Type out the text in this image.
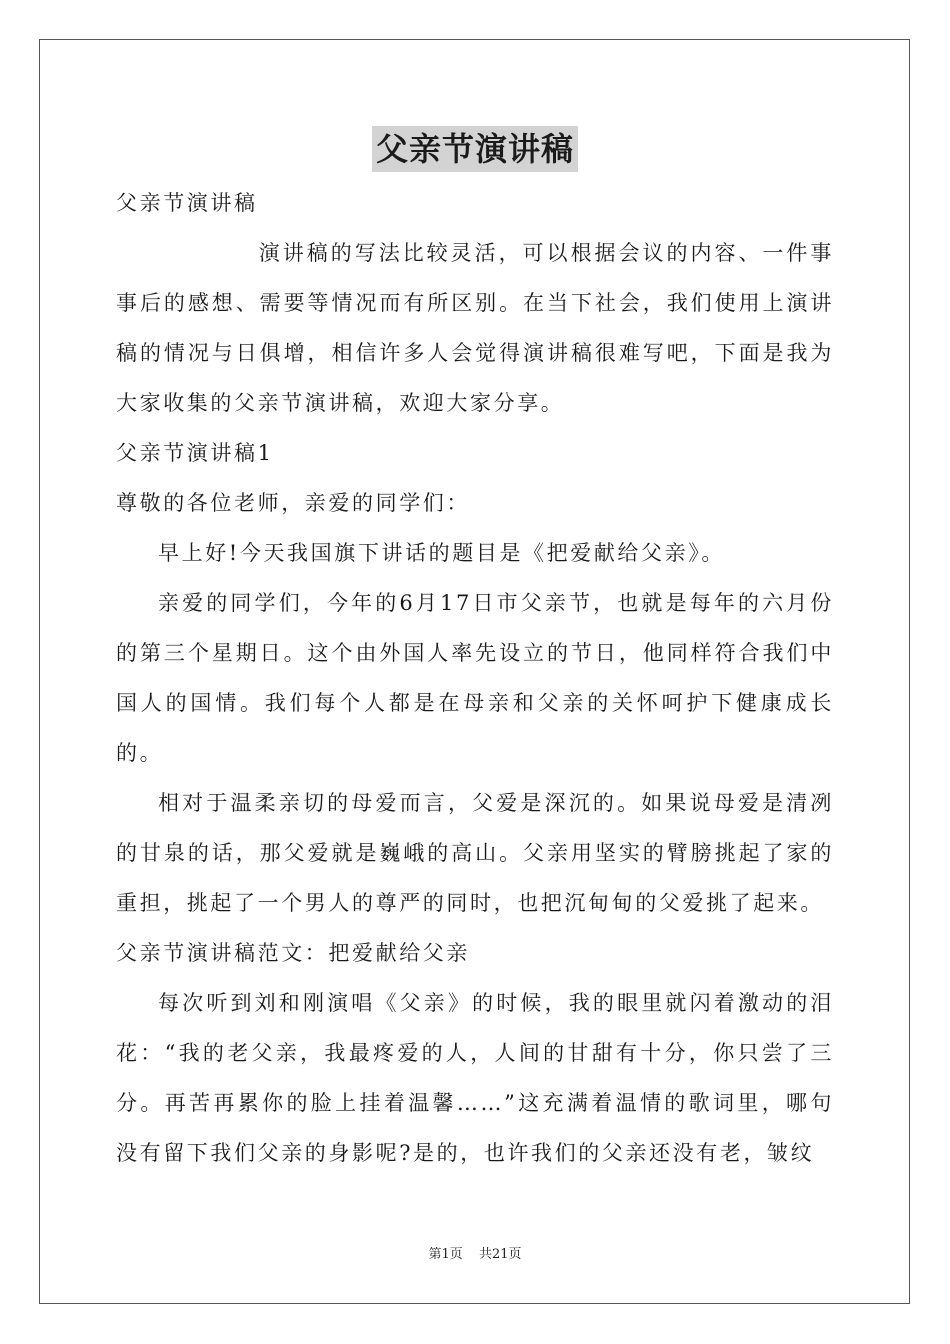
父亲节演讲稿

父亲节演讲稿

演讲稿的写法比较灵活，可以根据会议的内容、一件事事后的感想、需要等情况而有所区别。在当下社会，我们使用上演讲稿的情况与日俱增，相信许多人会觉得演讲稿很难写吧，下面是我为大家收集的父亲节演讲稿，欢迎大家分享。

父亲节演讲稿1

尊敬的各位老师，亲爱的同学们：

早上好!今天我国旗下讲话的题目是《把爱献给父亲》。

亲爱的同学们，今年的6月17日市父亲节，也就是每年的六月份的第三个星期日。这个由外国人率先设立的节日，他同样符合我们中国人的国情。我们每个人都是在母亲和父亲的关怀呵护下健康成长的。

相对于温柔亲切的母爱而言，父爱是深沉的。如果说母爱是清冽的甘泉的话，那父爱就是巍峨的高山。父亲用坚实的臂膀挑起了家的重担，挑起了一个男人的尊严的同时，也把沉甸甸的父爱挑了起来。

父亲节演讲稿范文：把爱献给父亲

每次听到刘和刚演唱《父亲》的时候，我的眼里就闪着激动的泪花：“我的老父亲，我最疼爱的人，人间的甘甜有十分，你只尝了三分。再苦再累你的脸上挂着温馨……”这充满着温情的歌词里，哪句没有留下我们父亲的身影呢?是的，也许我们的父亲还没有老，皱纹

第1页 共21页
